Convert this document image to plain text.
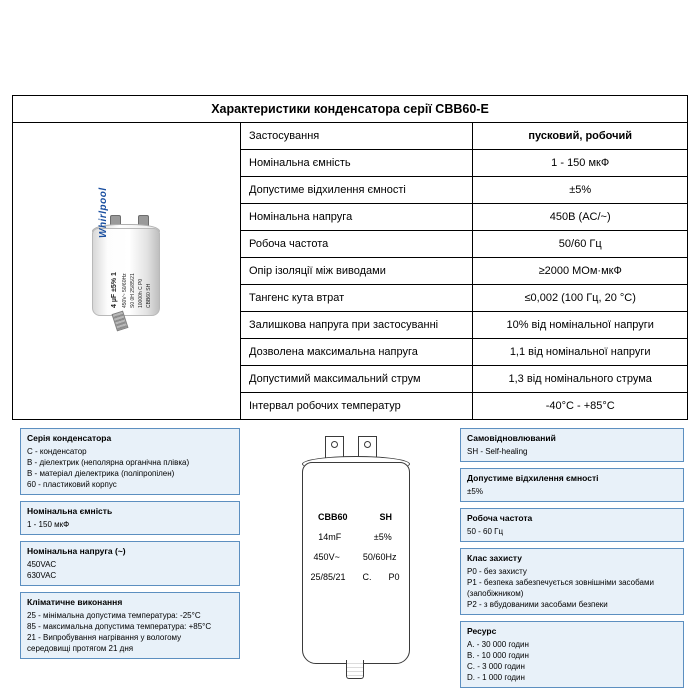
Характеристики конденсатора серії CBB60-E
Whirlpool
4 µF ±5% 1 450V~ 50/60Hz S0 0H 25/85/21 10000h C P0 CBB60 SH
Застосування	пусковий, робочий
Номінальна ємність	1 - 150 мкФ
Допустиме відхилення ємності	±5%
Номінальна напруга	450В (AC/~)
Робоча частота	50/60 Гц
Опір ізоляції між виводами	≥2000 МОм·мкФ
Тангенс кута втрат	≤0,002 (100 Гц, 20 °C)
Залишкова напруга при застосуванні	10% від номінальної напруги
Дозволена максимальна напруга	1,1 від номінальної напруги
Допустимий максимальний струм	1,3 від номінального струма
Інтервал робочих температур	-40°C - +85°C
Серія конденсатора
С - конденсатор
B - діелектрик (неполярна органічна плівка)
В - матеріал діелектрика (поліпропілен)
60 - пластиковий корпус
Номінальна ємність
1 - 150 мкФ
Номінальна напруга (~)
450VAC
630VAC
Кліматичне виконання
25 - мінімальна допустима температура: -25°C
85 - максимальна допустима температура: +85°C
21 - Випробування нагрівання у вологому
середовищі протягом 21 дня
CBB60	SH
14mF	±5%
450V~	50/60Hz
25/85/21 C. P0
Самовідновлюваний
SH - Self-healing
Допустиме відхилення ємності
±5%
Робоча частота
50 - 60 Гц
Клас захисту
P0 - без захисту
P1 - безпека забезпечується зовнішніми засобами
(запобіжником)
P2 - з вбудованими засобами безпеки
Ресурс
A. - 30 000 годин
B. - 10 000 годин
C. - 3 000 годин
D. - 1 000 годин
